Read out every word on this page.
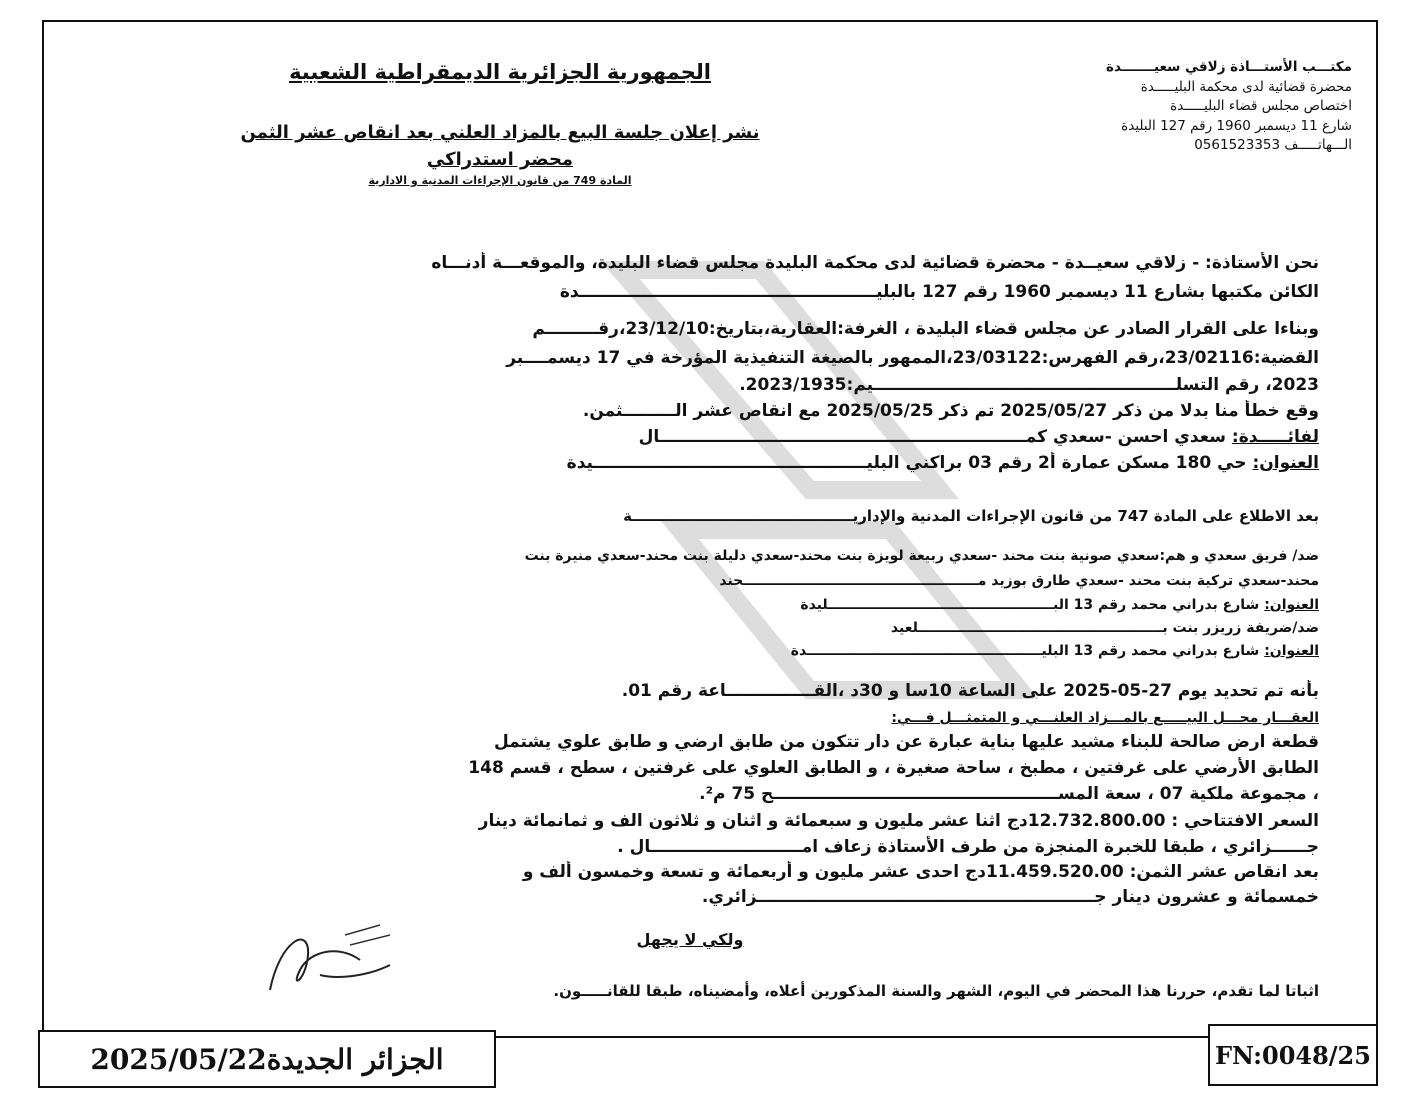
مكتـــب الأستـــاذة زلاقي سعيـــــــدة
محضرة قضائية لدى محكمة البليـــــدة
اختصاص مجلس قضاء البليـــــدة
شارع 11 ديسمبر 1960 رقم 127 البليدة
الـــهاتـــــف 0561523353
الجمهورية الجزائرية الديمقراطية الشعبية
نشر إعلان جلسة البيع بالمزاد العلني بعد انقاص عشر الثمن
محضر استدراكي
المادة 749 من قانون الإجراءات المدنية و الادارية
نحن الأستاذة: - زلاقي سعيــدة - محضرة قضائية لدى محكمة البليدة مجلس قضاء البليدة، والموقعـــة أدنـــاه
الكائن مكتبها بشارع 11 ديسمبر 1960 رقم 127 بالبليـــــــــــــــــــــــــــــــــــــــــــــــــــدة
وبناءا على القرار الصادر عن مجلس قضاء البليدة ، الغرفة:العقارية،بتاريخ:23/12/10،رقـــــــــم
القضية:23/02116،رقم الفهرس:23/03122،الممهور بالصيغة التنفيذية المؤرخة في 17 ديسمــــبر
2023، رقم التسلــــــــــــــــــــــــــــــــــــــــــــــــــــيم:2023/1935.
وقع خطأ منا بدلا من ذكر 2025/05/27 تم ذكر 2025/05/25 مع انقاص عشر الـــــــــثمن.
لفائـــــدة: سعدي احسن -سعدي كمـــــــــــــــــــــــــــــــــــــــــــــــــــــــــــــــال
العنوان: حي 180 مسكن عمارة أ2 رقم 03 براكني البليـــــــــــــــــــــــــــــــــــــــــــــــيدة
بعد الاطلاع على المادة 747 من قانون الإجراءات المدنية والإداريـــــــــــــــــــــــــــــــــــــــــــة
ضد/ فريق سعدي و هم:سعدي صونية بنت محند -سعدي ربيعة لويزة بنت محند-سعدي دليلة بنت محند-سعدي منيرة بنت
محند-سعدي تركية بنت محند -سعدي طارق بوزيد مـــــــــــــــــــــــــــــــــــــــــــــــــحند
العنوان: شارع بدراني محمد رقم 13 البـــــــــــــــــــــــــــــــــــــــــــــــليدة
ضد/ضريفة زريزر بنت بـــــــــــــــــــــــــــــــــــــــــــــــــــلعيد
العنوان: شارع بدراني محمد رقم 13 البليـــــــــــــــــــــــــــــــــــــــــــــــــدة
بأنه تم تحديد يوم 27-05-2025 على الساعة 10سا و 30د ،القـــــــــــــــاعة رقم 01.
العقـــار محـــل البيـــــع بالمـــزاد العلنـــي و المتمثـــل فـــي:
قطعة ارض صالحة للبناء مشيد عليها بناية عبارة عن دار تتكون من طابق ارضي و طابق علوي يشتمل
الطابق الأرضي على غرفتين ، مطبخ ، ساحة صغيرة ، و الطابق العلوي على غرفتين ، سطح ، قسم 148
، مجموعة ملكية 07 ، سعة المســـــــــــــــــــــــــــــــــــــــــــــــــح 75 م².
السعر الافتتاحي : 12.732.800.00دج اثنا عشر مليون و سبعمائة و اثنان و ثلاثون الف و ثمانمائة دينار
جــــــزائري ، طبقا للخبرة المنجزة من طرف الأستاذة زعاف امــــــــــــــــــــــــــال .
بعد انقاص عشر الثمن: 11.459.520.00دج احدى عشر مليون و أربعمائة و تسعة وخمسون ألف و
خمسمائة و عشرون دينار جــــــــــــــــــــــــــــــــــــــــــــــــــــــــــزائري.
ولكي لا يجهل
اثباتا لما تقدم، حررنا هذا المحضر في اليوم، الشهر والسنة المذكورين أعلاه، وأمضيناه، طبقا للقانـــــون.
الجزائر الجديدة2025/05/22	FN:0048/25
